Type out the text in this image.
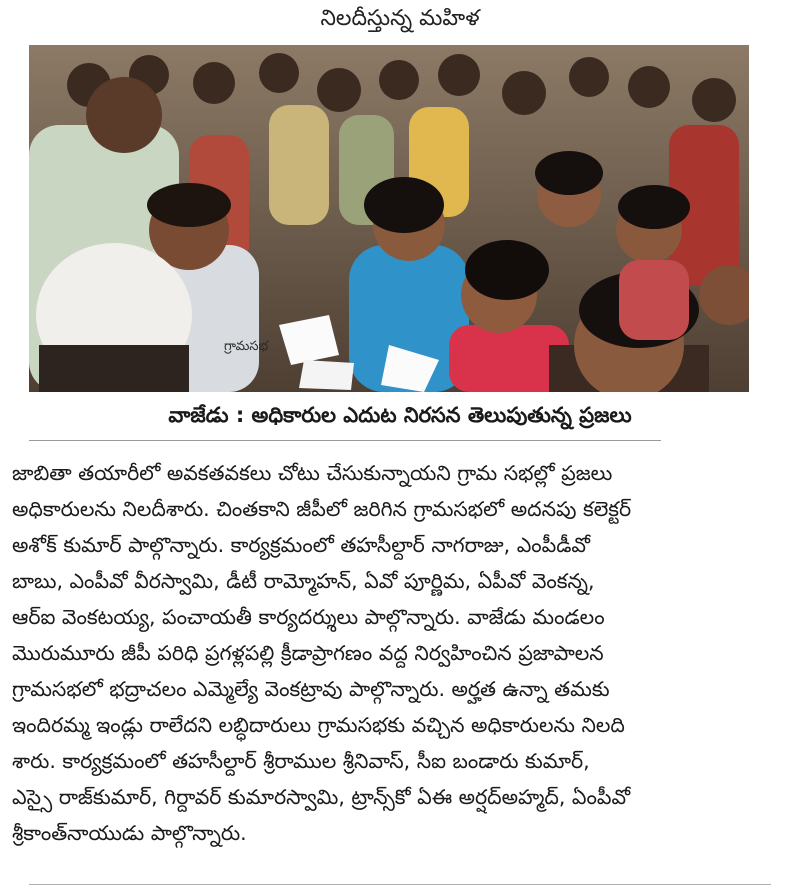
నిలదీస్తున్న మహిళ
గ్రామసభ
వాజేడు : అధికారుల ఎదుట నిరసన తెలుపుతున్న ప్రజలు
జాబితా తయారీలో అవకతవకలు చోటు చేసుకున్నాయని గ్రామ సభల్లో ప్రజలు
అధికారులను నిలదీశారు. చింతకాని జీపీలో జరిగిన గ్రామసభలో అదనపు కలెక్టర్
అశోక్ కుమార్ పాల్గొన్నారు. కార్యక్రమంలో తహసీల్దార్ నాగరాజు, ఎంపీడీవో
బాబు, ఎంపీవో వీరస్వామి, డీటీ రామ్మోహన్, ఏవో పూర్ణిమ, ఏపీవో వెంకన్న,
ఆర్ఐ వెంకటయ్య, పంచాయతీ కార్యదర్శులు పాల్గొన్నారు. వాజేడు మండలం
మొరుమూరు జీపీ పరిధి ప్రగళ్లపల్లి క్రీడాప్రాగణం వద్ద నిర్వహించిన ప్రజాపాలన
గ్రామసభలో భద్రాచలం ఎమ్మెల్యే వెంకట్రావు పాల్గొన్నారు. అర్హత ఉన్నా తమకు
ఇందిరమ్మ ఇండ్లు రాలేదని లబ్ధిదారులు గ్రామసభకు వచ్చిన అధికారులను నిలది
శారు. కార్యక్రమంలో తహసీల్దార్ శ్రీరాముల శ్రీనివాస్, సీఐ బండారు కుమార్,
ఎస్సై రాజ్‌కుమార్, గిర్దావర్ కుమారస్వామి, ట్రాన్స్‌కో ఏఈ అర్షద్‌అహ్మద్, ఏంపీవో
శ్రీకాంత్‌నాయుడు పాల్గొన్నారు.
